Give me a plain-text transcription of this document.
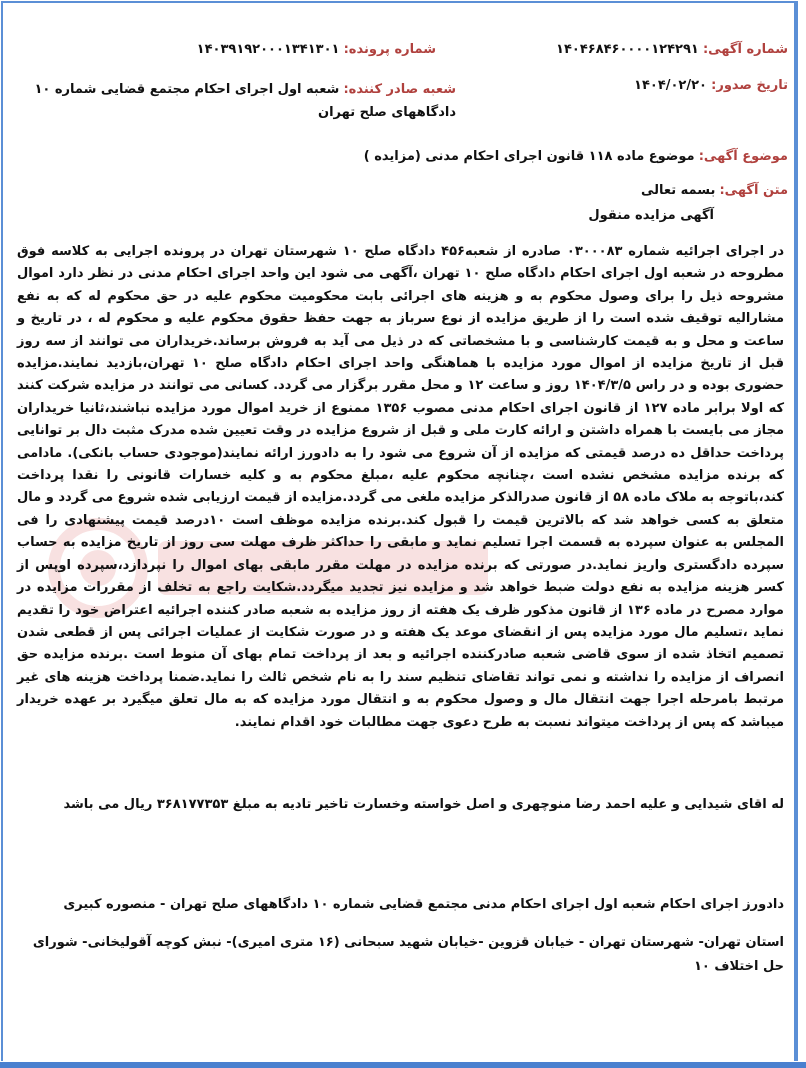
شماره پرونده: ۱۴۰۳۹۱۹۲۰۰۰۱۳۴۱۳۰۱	شماره آگهی: ۱۴۰۴۶۸۴۶۰۰۰۰۱۲۴۲۹۱
شعبه صادر کننده: شعبه اول اجرای احکام مجتمع قضایی شماره ۱۰
دادگاههای صلح تهران
تاریخ صدور: ۱۴۰۴/۰۲/۲۰
موضوع آگهی: موضوع ماده ۱۱۸ قانون اجرای احکام مدنی (مزایده )
متن آگهی: بسمه تعالی
آگهی مزایده منقول
در اجرای اجرائیه شماره ۰۳۰۰۰۸۳ صادره از شعبه۴۵۶ دادگاه صلح ۱۰ شهرستان تهران در پرونده اجرایی به کلاسه فوق مطروحه در شعبه اول اجرای احکام دادگاه صلح ۱۰ تهران ،آگهی می شود این واحد اجرای احکام مدنی در نظر دارد اموال مشروحه ذیل را برای وصول محکوم به و هزینه های اجرائی بابت محکومیت محکوم علیه در حق محکوم له که به نفع مشارالیه توقیف شده است را از طریق مزایده از نوع سرباز به جهت حفظ حقوق محکوم علیه و محکوم له ، در تاریخ و ساعت و محل و به قیمت کارشناسی و با مشخصاتی که در ذیل می آید به فروش برساند.خریداران می توانند از سه روز قبل از تاریخ مزایده از اموال مورد مزایده با هماهنگی واحد اجرای احکام دادگاه صلح ۱۰ تهران،بازدید نمایند.مزایده حضوری بوده و در راس ۱۴۰۴/۳/۵ روز و ساعت ۱۲ و محل مقرر برگزار می گردد. کسانی می توانند در مزایده شرکت کنند که اولا برابر ماده ۱۲۷ از قانون اجرای احکام مدنی مصوب ۱۳۵۶ ممنوع از خرید اموال مورد مزایده نباشند،ثانیا خریداران مجاز می بایست با همراه داشتن و ارائه کارت ملی و قبل از شروع مزایده در وقت تعیین شده مدرک مثبت دال بر توانایی پرداخت حداقل ده درصد قیمتی که مزایده از آن شروع می شود را به دادورز ارائه نمایند(موجودی حساب بانکی). مادامی که برنده مزایده مشخص نشده است ،چنانچه محکوم علیه ،مبلغ محکوم به و کلیه خسارات قانونی را نقدا پرداخت کند،باتوجه به ملاک ماده ۵۸ از قانون صدرالذکر مزایده ملغی می گردد.مزایده از قیمت ارزیابی شده شروع می گردد و مال متعلق به کسی خواهد شد که بالاترین قیمت را قبول کند.برنده مزایده موظف است ۱۰درصد قیمت پیشنهادی را فی المجلس به عنوان سپرده به قسمت اجرا تسلیم نماید و مابقی را حداکثر ظرف مهلت سی روز از تاریخ مزایده به حساب سپرده دادگستری واریز نماید.در صورتی که برنده مزایده در مهلت مقرر مابقی بهای اموال را نپردازد،سپرده اوپس از کسر هزینه مزایده به نفع دولت ضبط خواهد شد و مزایده نیز تجدید میگردد.شکایت راجع به تخلف از مقررات مزایده در موارد مصرح در ماده ۱۳۶ از قانون مذکور ظرف یک هفته از روز مزایده به شعبه صادر کننده اجرائیه اعتراض خود را تقدیم نماید ،تسلیم مال مورد مزایده پس از انقضای موعد یک هفته و در صورت شکایت از عملیات اجرائی پس از قطعی شدن تصمیم اتخاذ شده از سوی قاضی شعبه صادرکننده اجرائیه و بعد از پرداخت تمام بهای آن منوط است .برنده مزایده حق انصراف از مزایده را نداشته و نمی تواند تقاضای تنظیم سند را به نام شخص ثالث را نماید.ضمنا پرداخت هزینه های غیر مرتبط بامرحله اجرا جهت انتقال مال و وصول محکوم به و انتقال مورد مزایده که به مال تعلق میگیرد بر عهده خریدار میباشد که پس از پرداخت میتواند نسبت به طرح دعوی جهت مطالبات خود اقدام نمایند.
له اقای شیدایی و علیه احمد رضا منوچهری و اصل خواسته وخسارت تاخیر تادیه به مبلغ ۳۶۸۱۷۷۳۵۳ ریال می باشد
دادورز اجرای احکام شعبه اول اجرای احکام مدنی مجتمع قضایی شماره ۱۰ دادگاههای صلح تهران - منصوره کبیری
استان تهران- شهرستان تهران - خیابان قزوین -خیابان شهید سبحانی (۱۶ متری امیری)- نبش کوچه آقولیخانی- شورای حل اختلاف ۱۰
